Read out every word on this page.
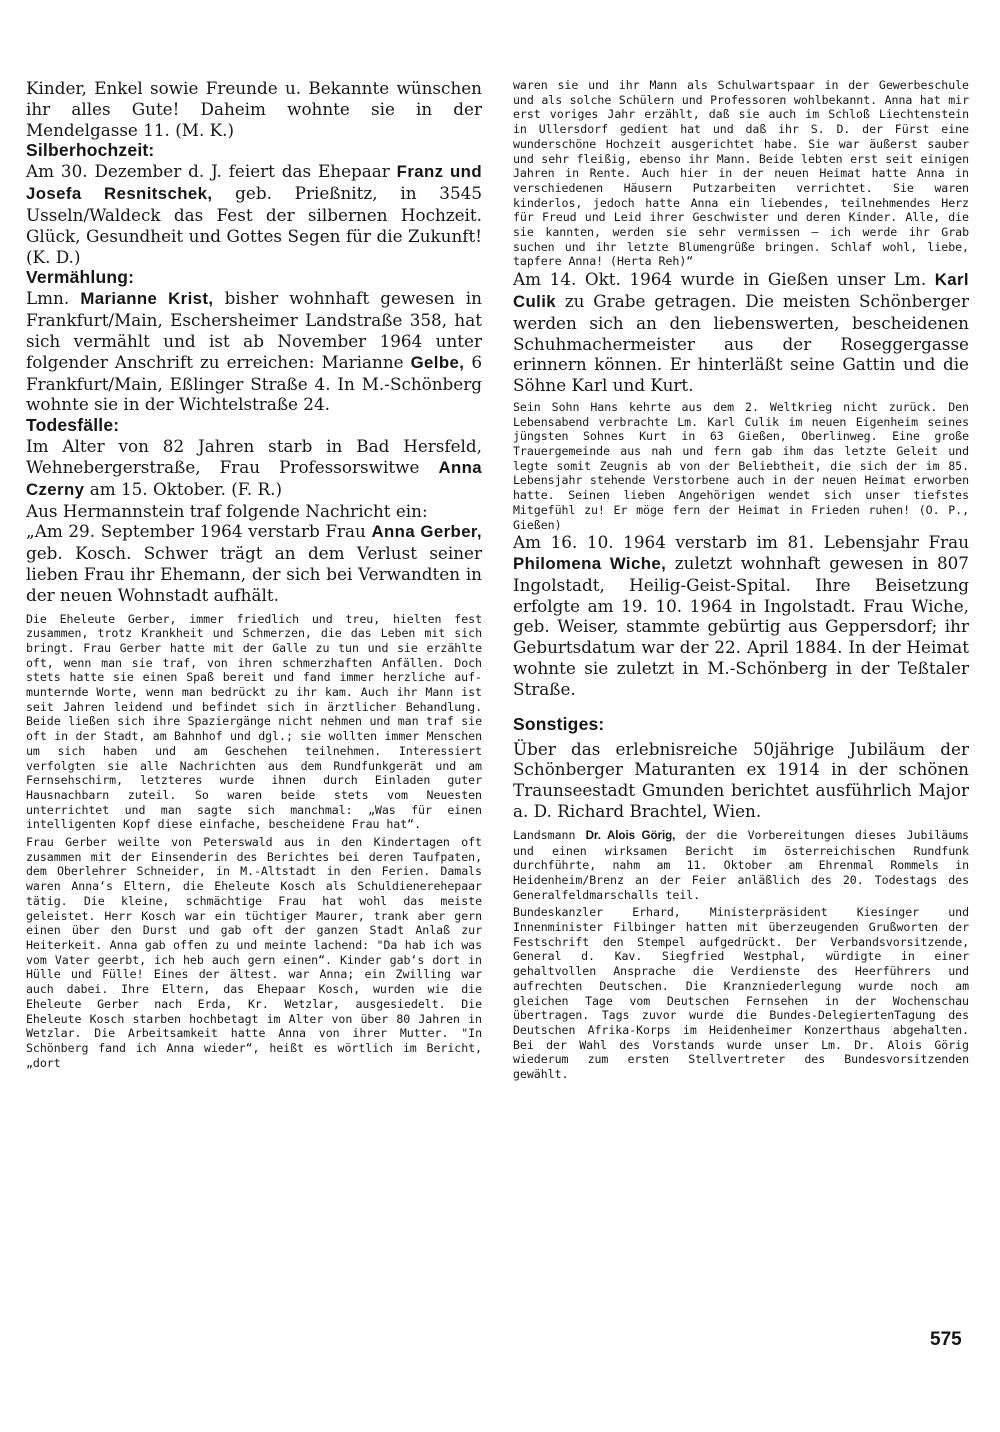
Kinder, Enkel sowie Freunde u. Bekannte wünschen ihr alles Gute! Daheim wohnte sie in der Mendelgasse 11. (M. K.)

Silberhochzeit:

Am 30. Dezember d. J. feiert das Ehepaar Franz und Josefa Resnitschek, geb. Prießnitz, in 3545 Usseln/Waldeck das Fest der silbernen Hochzeit. Glück, Gesundheit und Gottes Segen für die Zukunft! (K. D.)

Vermählung:

Lmn. Marianne Krist, bisher wohnhaft gewesen in Frankfurt/Main, Eschersheimer Landstraße 358, hat sich vermählt und ist ab November 1964 unter folgender Anschrift zu erreichen: Marianne Gelbe, 6 Frankfurt/Main, Eßlinger Straße 4. In M.-Schönberg wohnte sie in der Wichtelstraße 24.

Todesfälle:

Im Alter von 82 Jahren starb in Bad Hersfeld, Wehnebergerstraße, Frau Professorswitwe Anna Czerny am 15. Oktober. (F. R.)

Aus Hermannstein traf folgende Nachricht ein:

„Am 29. September 1964 verstarb Frau Anna Gerber, geb. Kosch. Schwer trägt an dem Verlust seiner lieben Frau ihr Ehemann, der sich bei Verwandten in der neuen Wohnstadt aufhält.

Die Eheleute Gerber, immer friedlich und treu, hielten fest zusammen, trotz Krankheit und Schmerzen, die das Leben mit sich bringt. Frau Gerber hatte mit der Galle zu tun und sie erzählte oft, wenn man sie traf, von ihren schmerzhaften Anfällen. Doch stets hatte sie einen Spaß bereit und fand immer herzliche aufmunternde Worte, wenn man bedrückt zu ihr kam. Auch ihr Mann ist seit Jahren leidend und befindet sich in ärztlicher Behandlung. Beide ließen sich ihre Spaziergänge nicht nehmen und man traf sie oft in der Stadt, am Bahnhof und dgl.; sie wollten immer Menschen um sich haben und am Geschehen teilnehmen. Interessiert verfolgten sie alle Nachrichten aus dem Rundfunkgerät und am Fernsehschirm, letzteres wurde ihnen durch Einladen guter Hausnachbarn zuteil. So waren beide stets vom Neuesten unterrichtet und man sagte sich manchmal: „Was für einen intelligenten Kopf diese einfache, bescheidene Frau hat“.

Frau Gerber weilte von Peterswald aus in den Kindertagen oft zusammen mit der Einsenderin des Berichtes bei deren Taufpaten, dem Oberlehrer Schneider, in M.-Altstadt in den Ferien. Damals waren Anna‘s Eltern, die Eheleute Kosch als Schuldienerehepaar tätig. Die kleine, schmächtige Frau hat wohl das meiste geleistet. Herr Kosch war ein tüchtiger Maurer, trank aber gern einen über den Durst und gab oft der ganzen Stadt Anlaß zur Heiterkeit. Anna gab offen zu und meinte lachend: "Da hab ich was vom Vater geerbt, ich heb auch gern einen“. Kinder gab‘s dort in Hülle und Fülle! Eines der ältest. war Anna; ein Zwilling war auch dabei. Ihre Eltern, das Ehepaar Kosch, wurden wie die Eheleute Gerber nach Erda, Kr. Wetzlar, ausgesiedelt. Die Eheleute Kosch starben hochbetagt im Alter von über 80 Jahren in Wetzlar. Die Arbeitsamkeit hatte Anna von ihrer Mutter. "In Schönberg fand ich Anna wieder“, heißt es wörtlich im Bericht, „dort

waren sie und ihr Mann als Schulwartspaar in der Gewerbeschule und als solche Schülern und Professoren wohlbekannt. Anna hat mir erst voriges Jahr erzählt, daß sie auch im Schloß Liechtenstein in Ullersdorf gedient hat und daß ihr S. D. der Fürst eine wunderschöne Hochzeit ausgerichtet habe. Sie war äußerst sauber und sehr fleißig, ebenso ihr Mann. Beide lebten erst seit einigen Jahren in Rente. Auch hier in der neuen Heimat hatte Anna in verschiedenen Häusern Putzarbeiten verrichtet. Sie waren kinderlos, jedoch hatte Anna ein liebendes, teilnehmendes Herz für Freud und Leid ihrer Geschwister und deren Kinder. Alle, die sie kannten, werden sie sehr vermissen — ich werde ihr Grab suchen und ihr letzte Blumengrüße bringen. Schlaf wohl, liebe, tapfere Anna! (Herta Reh)“

Am 14. Okt. 1964 wurde in Gießen unser Lm. Karl Culik zu Grabe getragen. Die meisten Schönberger werden sich an den liebenswerten, bescheidenen Schuhmachermeister aus der Roseggergasse erinnern können. Er hinterläßt seine Gattin und die Söhne Karl und Kurt.

Sein Sohn Hans kehrte aus dem 2. Weltkrieg nicht zurück. Den Lebensabend verbrachte Lm. Karl Culik im neuen Eigenheim seines jüngsten Sohnes Kurt in 63 Gießen, Oberlinweg. Eine große Trauergemeinde aus nah und fern gab ihm das letzte Geleit und legte somit Zeugnis ab von der Beliebtheit, die sich der im 85. Lebensjahr stehende Verstorbene auch in der neuen Heimat erworben hatte. Seinen lieben Angehörigen wendet sich unser tiefstes Mitgefühl zu! Er möge fern der Heimat in Frieden ruhen! (O. P., Gießen)

Am 16. 10. 1964 verstarb im 81. Lebensjahr Frau Philomena Wiche, zuletzt wohnhaft gewesen in 807 Ingolstadt, Heilig-Geist-Spital. Ihre Beisetzung erfolgte am 19. 10. 1964 in Ingolstadt. Frau Wiche, geb. Weiser, stammte gebürtig aus Geppersdorf; ihr Geburtsdatum war der 22. April 1884. In der Heimat wohnte sie zuletzt in M.-Schönberg in der Teßtaler Straße.

Sonstiges:

Über das erlebnisreiche 50jährige Jubiläum der Schönberger Maturanten ex 1914 in der schönen Traunseestadt Gmunden berichtet ausführlich Major a. D. Richard Brachtel, Wien.

Landsmann Dr. Alois Görig, der die Vorbereitungen dieses Jubiläums und einen wirksamen Bericht im österreichischen Rundfunk durchführte, nahm am 11. Oktober am Ehrenmal Rommels in Heidenheim/Brenz an der Feier anläßlich des 20. Todestags des Generalfeldmarschalls teil.

Bundeskanzler Erhard, Ministerpräsident Kiesinger und Innenminister Filbinger hatten mit überzeugenden Grußworten der Festschrift den Stempel aufgedrückt. Der Verbandsvorsitzende, General d. Kav. Siegfried Westphal, würdigte in einer gehaltvollen Ansprache die Verdienste des Heerführers und aufrechten Deutschen. Die Kranzniederlegung wurde noch am gleichen Tage vom Deutschen Fernsehen in der Wochenschau übertragen. Tags zuvor wurde die Bundes-DelegiertenTagung des Deutschen Afrika-Korps im Heidenheimer Konzerthaus abgehalten. Bei der Wahl des Vorstands wurde unser Lm. Dr. Alois Görig wiederum zum ersten Stellvertreter des Bundesvorsitzenden gewählt.

575
